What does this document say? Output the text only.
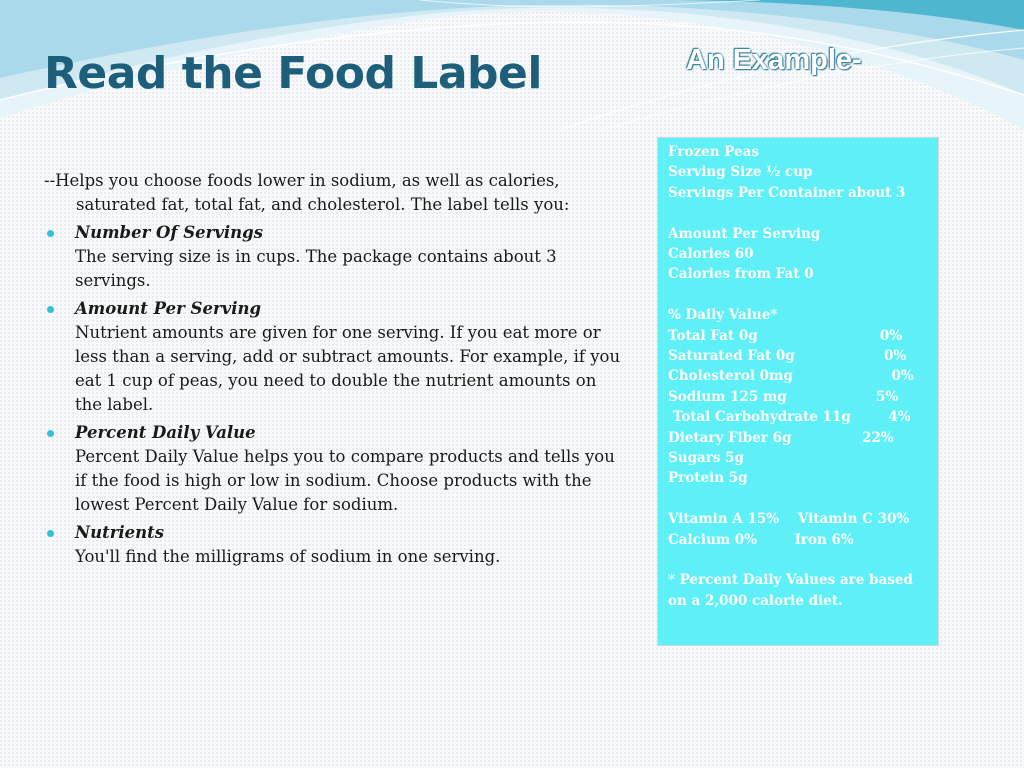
Read the Food Label	An Example-

--Helps you choose foods lower in sodium, as well as calories, saturated fat, total fat, and cholesterol. The label tells you:

Number Of Servings
The serving size is in cups. The package contains about 3 servings.
Amount Per Serving
Nutrient amounts are given for one serving. If you eat more or less than a serving, add or subtract amounts. For example, if you eat 1 cup of peas, you need to double the nutrient amounts on the label.
Percent Daily Value
Percent Daily Value helps you to compare products and tells you if the food is high or low in sodium. Choose products with the lowest Percent Daily Value for sodium.
Nutrients
You'll find the milligrams of sodium in one serving.
Frozen Peas
Serving Size ½ cup
Servings Per Container about 3
Amount Per Serving
Calories 60
Calories from Fat 0
% Daily Value*
Total Fat 0g                          0%
Saturated Fat 0g                   0%
Cholesterol 0mg                     0%
Sodium 125 mg                   5%
Total Carbohydrate 11g        4%
Dietary Fiber 6g               22%
Sugars 5g
Protein 5g
Vitamin A 15%    Vitamin C 30%
Calcium 0%        Iron 6%
* Percent Daily Values are based
on a 2,000 calorie diet.
